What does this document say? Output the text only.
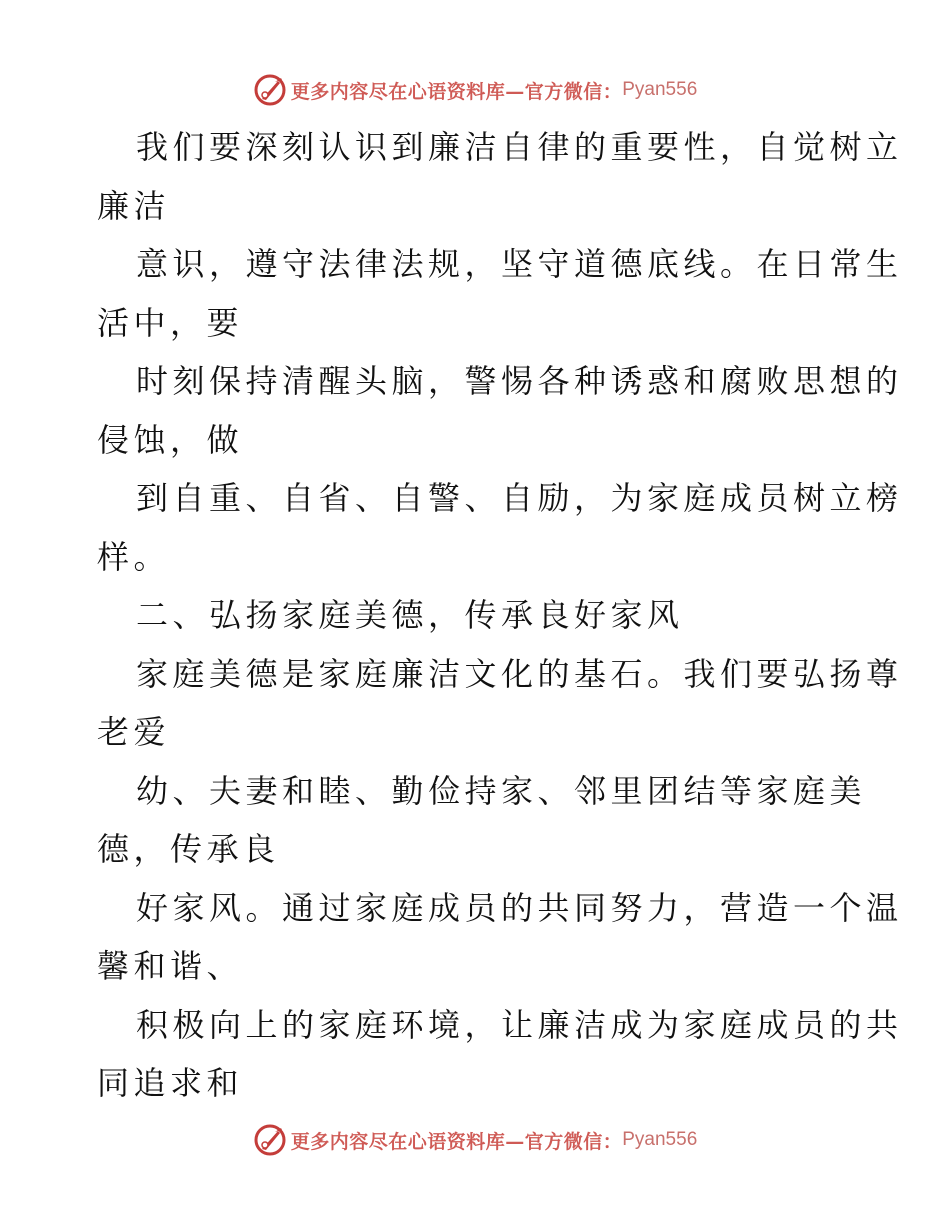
更多内容尽在心语资料库—官方微信： Pyan556
我们要深刻认识到廉洁自律的重要性，自觉树立
廉洁
意识，遵守法律法规，坚守道德底线。在日常生
活中，要
时刻保持清醒头脑，警惕各种诱惑和腐败思想的
侵蚀，做
到自重、自省、自警、自励，为家庭成员树立榜
样。
二、弘扬家庭美德，传承良好家风
家庭美德是家庭廉洁文化的基石。我们要弘扬尊
老爱
幼、夫妻和睦、勤俭持家、邻里团结等家庭美
德，传承良
好家风。通过家庭成员的共同努力，营造一个温
馨和谐、
积极向上的家庭环境，让廉洁成为家庭成员的共
同追求和
更多内容尽在心语资料库—官方微信： Pyan556
